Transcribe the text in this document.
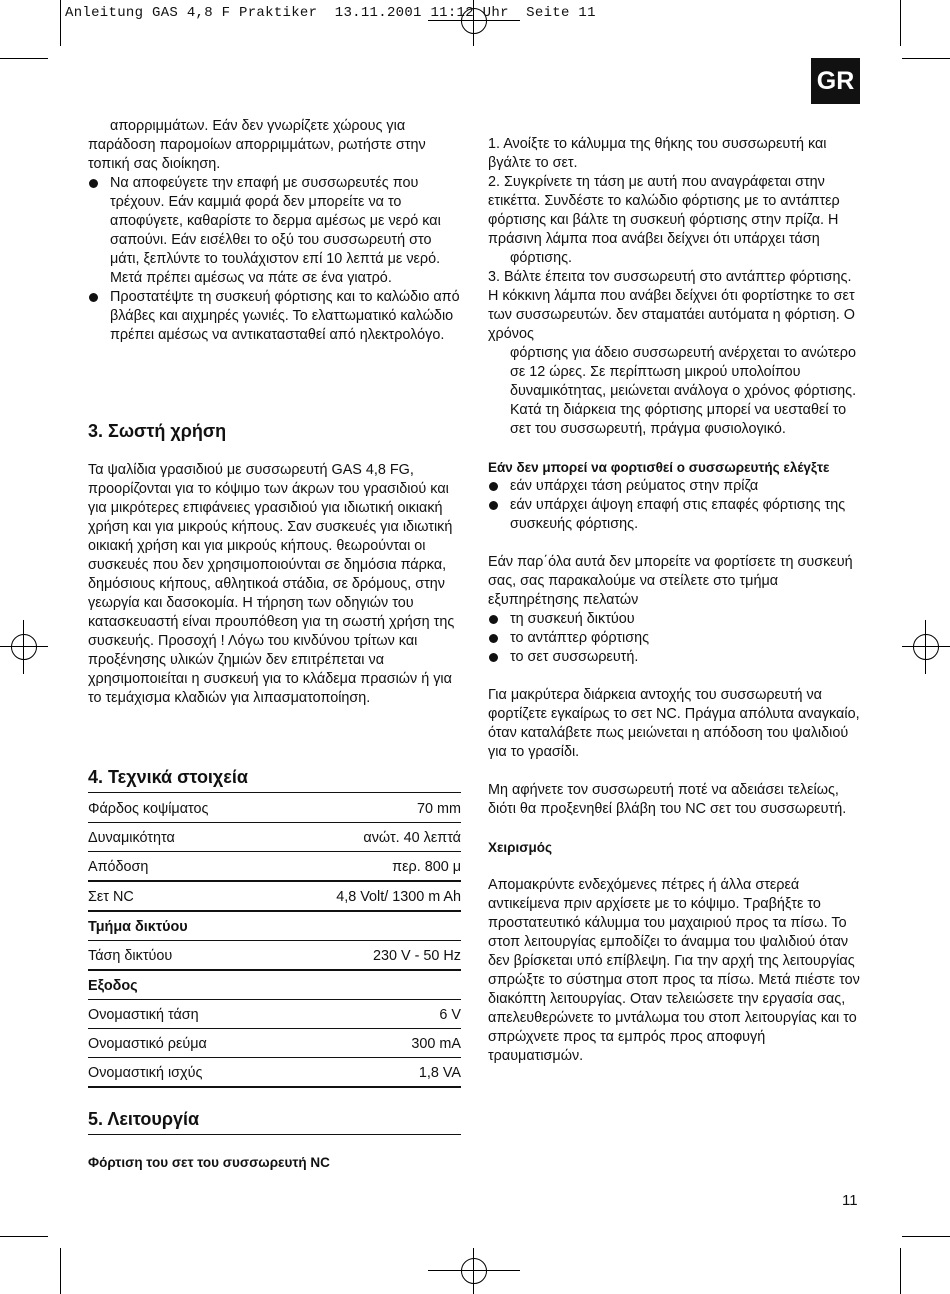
Anleitung GAS 4,8 F Praktiker  13.11.2001 11:12 Uhr  Seite 11
GR

απορριμμάτων. Εάν δεν γνωρίζετε χώρους για παράδοση παρομοίων απορριμμάτων, ρωτήστε στην τοπική σας διοίκηση.

Να αποφεύγετε την επαφή με συσσωρευτές που τρέχουν. Εάν καμμιά φορά δεν μπορείτε να το αποφύγετε, καθαρίστε το δερμα αμέσως με νερό και σαπούνι. Εάν εισέλθει το οξύ του συσσωρευτή στο μάτι, ξεπλύντε το τουλάχιστον επί 10 λεπτά με νερό. Μετά πρέπει αμέσως να πάτε σε ένα γιατρό.

Προστατέψτε τη συσκευή φόρτισης και το καλώδιο από βλάβες και αιχμηρές γωνιές. Το ελαττωματικό καλώδιο πρέπει αμέσως να αντικατασταθεί από ηλεκτρολόγο.

3. Σωστή χρήση

Τα ψαλίδια γρασιδιού με συσσωρευτή GAS 4,8 FG, προορίζονται για το κόψιμο των άκρων του γρασιδιού και για μικρότερες επιφάνειες γρασιδιού για ιδιωτική οικιακή χρήση και για μικρούς κήπους. Σαν συσκευές για ιδιωτική οικιακή χρήση και για μικρούς κήπους. θεωρούνται οι συσκευές που δεν χρησιμοποιούνται σε δημόσια πάρκα, δημόσιους κήπους, αθλητικοά στάδια, σε δρόμους, στην γεωργία και δασοκομία. Η τήρηση των οδηγιών του κατασκευαστή είναι προυπόθεση για τη σωστή χρήση της συσκευής. Προσοχή ! Λόγω του κινδύνου τρίτων και προξένησης υλικών ζημιών δεν επιτρέπεται να χρησιμοποιείται η συσκευή για το κλάδεμα πρασιών ή για το τεμάχισμα κλαδιών για λιπασματοποίηση.

4. Τεχνικά στοιχεία

Φάρδος κοψίματος	70 mm
Δυναμικότητα	ανώτ. 40 λεπτά
Απόδοση	περ. 800 μ
Σετ NC	4,8 Volt/ 1300 m Ah
Τμήμα δικτύου
Τάση δικτύου	230 V - 50 Hz
Εξοδος
Ονομαστική τάση	6 V
Ονομαστικό ρεύμα	300 mA
Ονομαστική ισχύς	1,8 VA

5. Λειτουργία

Φόρτιση του σετ του συσσωρευτή NC

1. Ανοίξτε το κάλυμμα της θήκης του συσσωρευτή και βγάλτε το σετ.

2. Συγκρίνετε τη τάση με αυτή που αναγράφεται στην ετικέττα. Συνδέστε το καλώδιο φόρτισης με το αντάπτερ φόρτισης και βάλτε τη συσκευή φόρτισης στην πρίζα. Η πράσινη λάμπα ποα ανάβει δείχνει ότι υπάρχει τάση

φόρτισης.

3. Βάλτε έπειτα τον συσσωρευτή στο αντάπτερ φόρτισης. Η κόκκινη λάμπα που ανάβει δείχνει ότι φορτίστηκε το σετ των συσσωρευτών. δεν σταματάει αυτόματα η φόρτιση. Ο χρόνος

φόρτισης για άδειο συσσωρευτή ανέρχεται το ανώτερο σε 12 ώρες. Σε περίπτωση μικρού υπολοίπου δυναμικότητας, μειώνεται ανάλογα ο χρόνος φόρτισης. Κατά τη διάρκεια της φόρτισης μπορεί να υεσταθεί το σετ του συσσωρευτή, πράγμα φυσιολογικό.

Εάν δεν μπορεί να φορτισθεί ο συσσωρευτής ελέγξτε

εάν υπάρχει τάση ρεύματος στην πρίζα

εάν υπάρχει άψογη επαφή στις επαφές φόρτισης της συσκευής φόρτισης.

Εάν παρ΄όλα αυτά δεν μπορείτε να φορτίσετε τη συσκευή σας, σας παρακαλούμε να στείλετε στο τμήμα εξυπηρέτησης πελατών

τη συσκευή δικτύου

το αντάπτερ φόρτισης

το σετ συσσωρευτή.

Για μακρύτερα διάρκεια αντοχής του συσσωρευτή να φορτίζετε εγκαίρως το σετ NC. Πράγμα απόλυτα αναγκαίο, όταν καταλάβετε πως μειώνεται η απόδοση του ψαλιδιού για το γρασίδι.

Μη αφήνετε τον συσσωρευτή ποτέ να αδειάσει τελείως, διότι θα προξενηθεί βλάβη του NC σετ του συσσωρευτή.

Χειρισμός

Απομακρύντε ενδεχόμενες πέτρες ή άλλα στερεά αντικείμενα πριν αρχίσετε με το κόψιμο. Τραβήξτε το προστατευτικό κάλυμμα του μαχαιριού προς τα πίσω. Το στοπ λειτουργίας εμποδίζει το άναμμα του ψαλιδιού όταν δεν βρίσκεται υπό επίβλεψη. Για την αρχή της λειτουργίας σπρώξτε το σύστημα στοπ προς τα πίσω. Μετά πιέστε τον διακόπτη λειτουργίας. Οταν τελειώσετε την εργασία σας, απελευθερώνετε το μντάλωμα του στοπ λειτουργίας και το σπρώχνετε προς τα εμπρός προς αποφυγή τραυματισμών.

11
